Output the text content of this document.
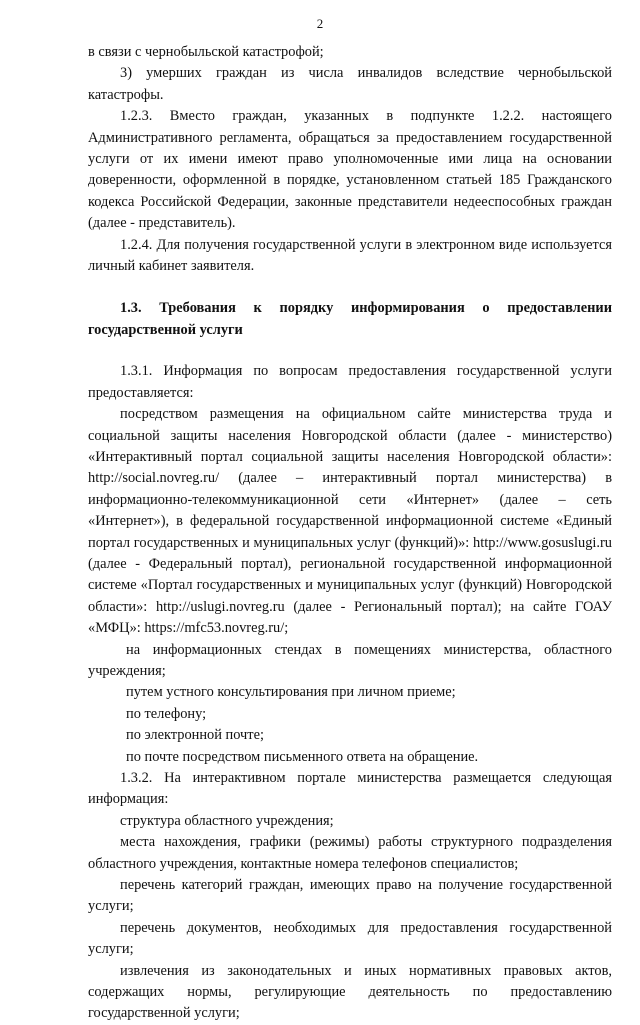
2

в связи с чернобыльской катастрофой;

3) умерших граждан из числа инвалидов вследствие чернобыльской катастрофы.

1.2.3. Вместо граждан, указанных в подпункте 1.2.2. настоящего Административного регламента, обращаться за предоставлением государственной услуги от их имени имеют право уполномоченные ими лица на основании доверенности, оформленной в порядке, установленном статьей 185 Гражданского кодекса Российской Федерации, законные представители недееспособных граждан (далее - представитель).

1.2.4. Для получения государственной услуги в электронном виде используется личный кабинет заявителя.

1.3. Требования к порядку информирования о предоставлении государственной услуги

1.3.1. Информация по вопросам предоставления государственной услуги предоставляется:

посредством размещения на официальном сайте министерства труда и социальной защиты населения Новгородской области (далее - министерство) «Интерактивный портал социальной защиты населения Новгородской области»: http://social.novreg.ru/ (далее – интерактивный портал министерства) в информационно-телекоммуникационной сети «Интернет» (далее – сеть «Интернет»), в федеральной государственной информационной системе «Единый портал государственных и муниципальных услуг (функций)»: http://www.gosuslugi.ru (далее - Федеральный портал), региональной государственной информационной системе «Портал государственных и муниципальных услуг (функций) Новгородской области»: http://uslugi.novreg.ru (далее - Региональный портал); на сайте ГОАУ «МФЦ»: https://mfc53.novreg.ru/;

на информационных стендах в помещениях министерства, областного учреждения;

путем устного консультирования при личном приеме;

по телефону;

по электронной почте;

по почте посредством письменного ответа на обращение.

1.3.2. На интерактивном портале министерства размещается следующая информация:

структура областного учреждения;

места нахождения, графики (режимы) работы структурного подразделения областного учреждения, контактные номера телефонов специалистов;

перечень категорий граждан, имеющих право на получение государственной услуги;

перечень документов, необходимых для предоставления государственной услуги;

извлечения из законодательных и иных нормативных правовых актов, содержащих нормы, регулирующие деятельность по предоставлению государственной услуги;
